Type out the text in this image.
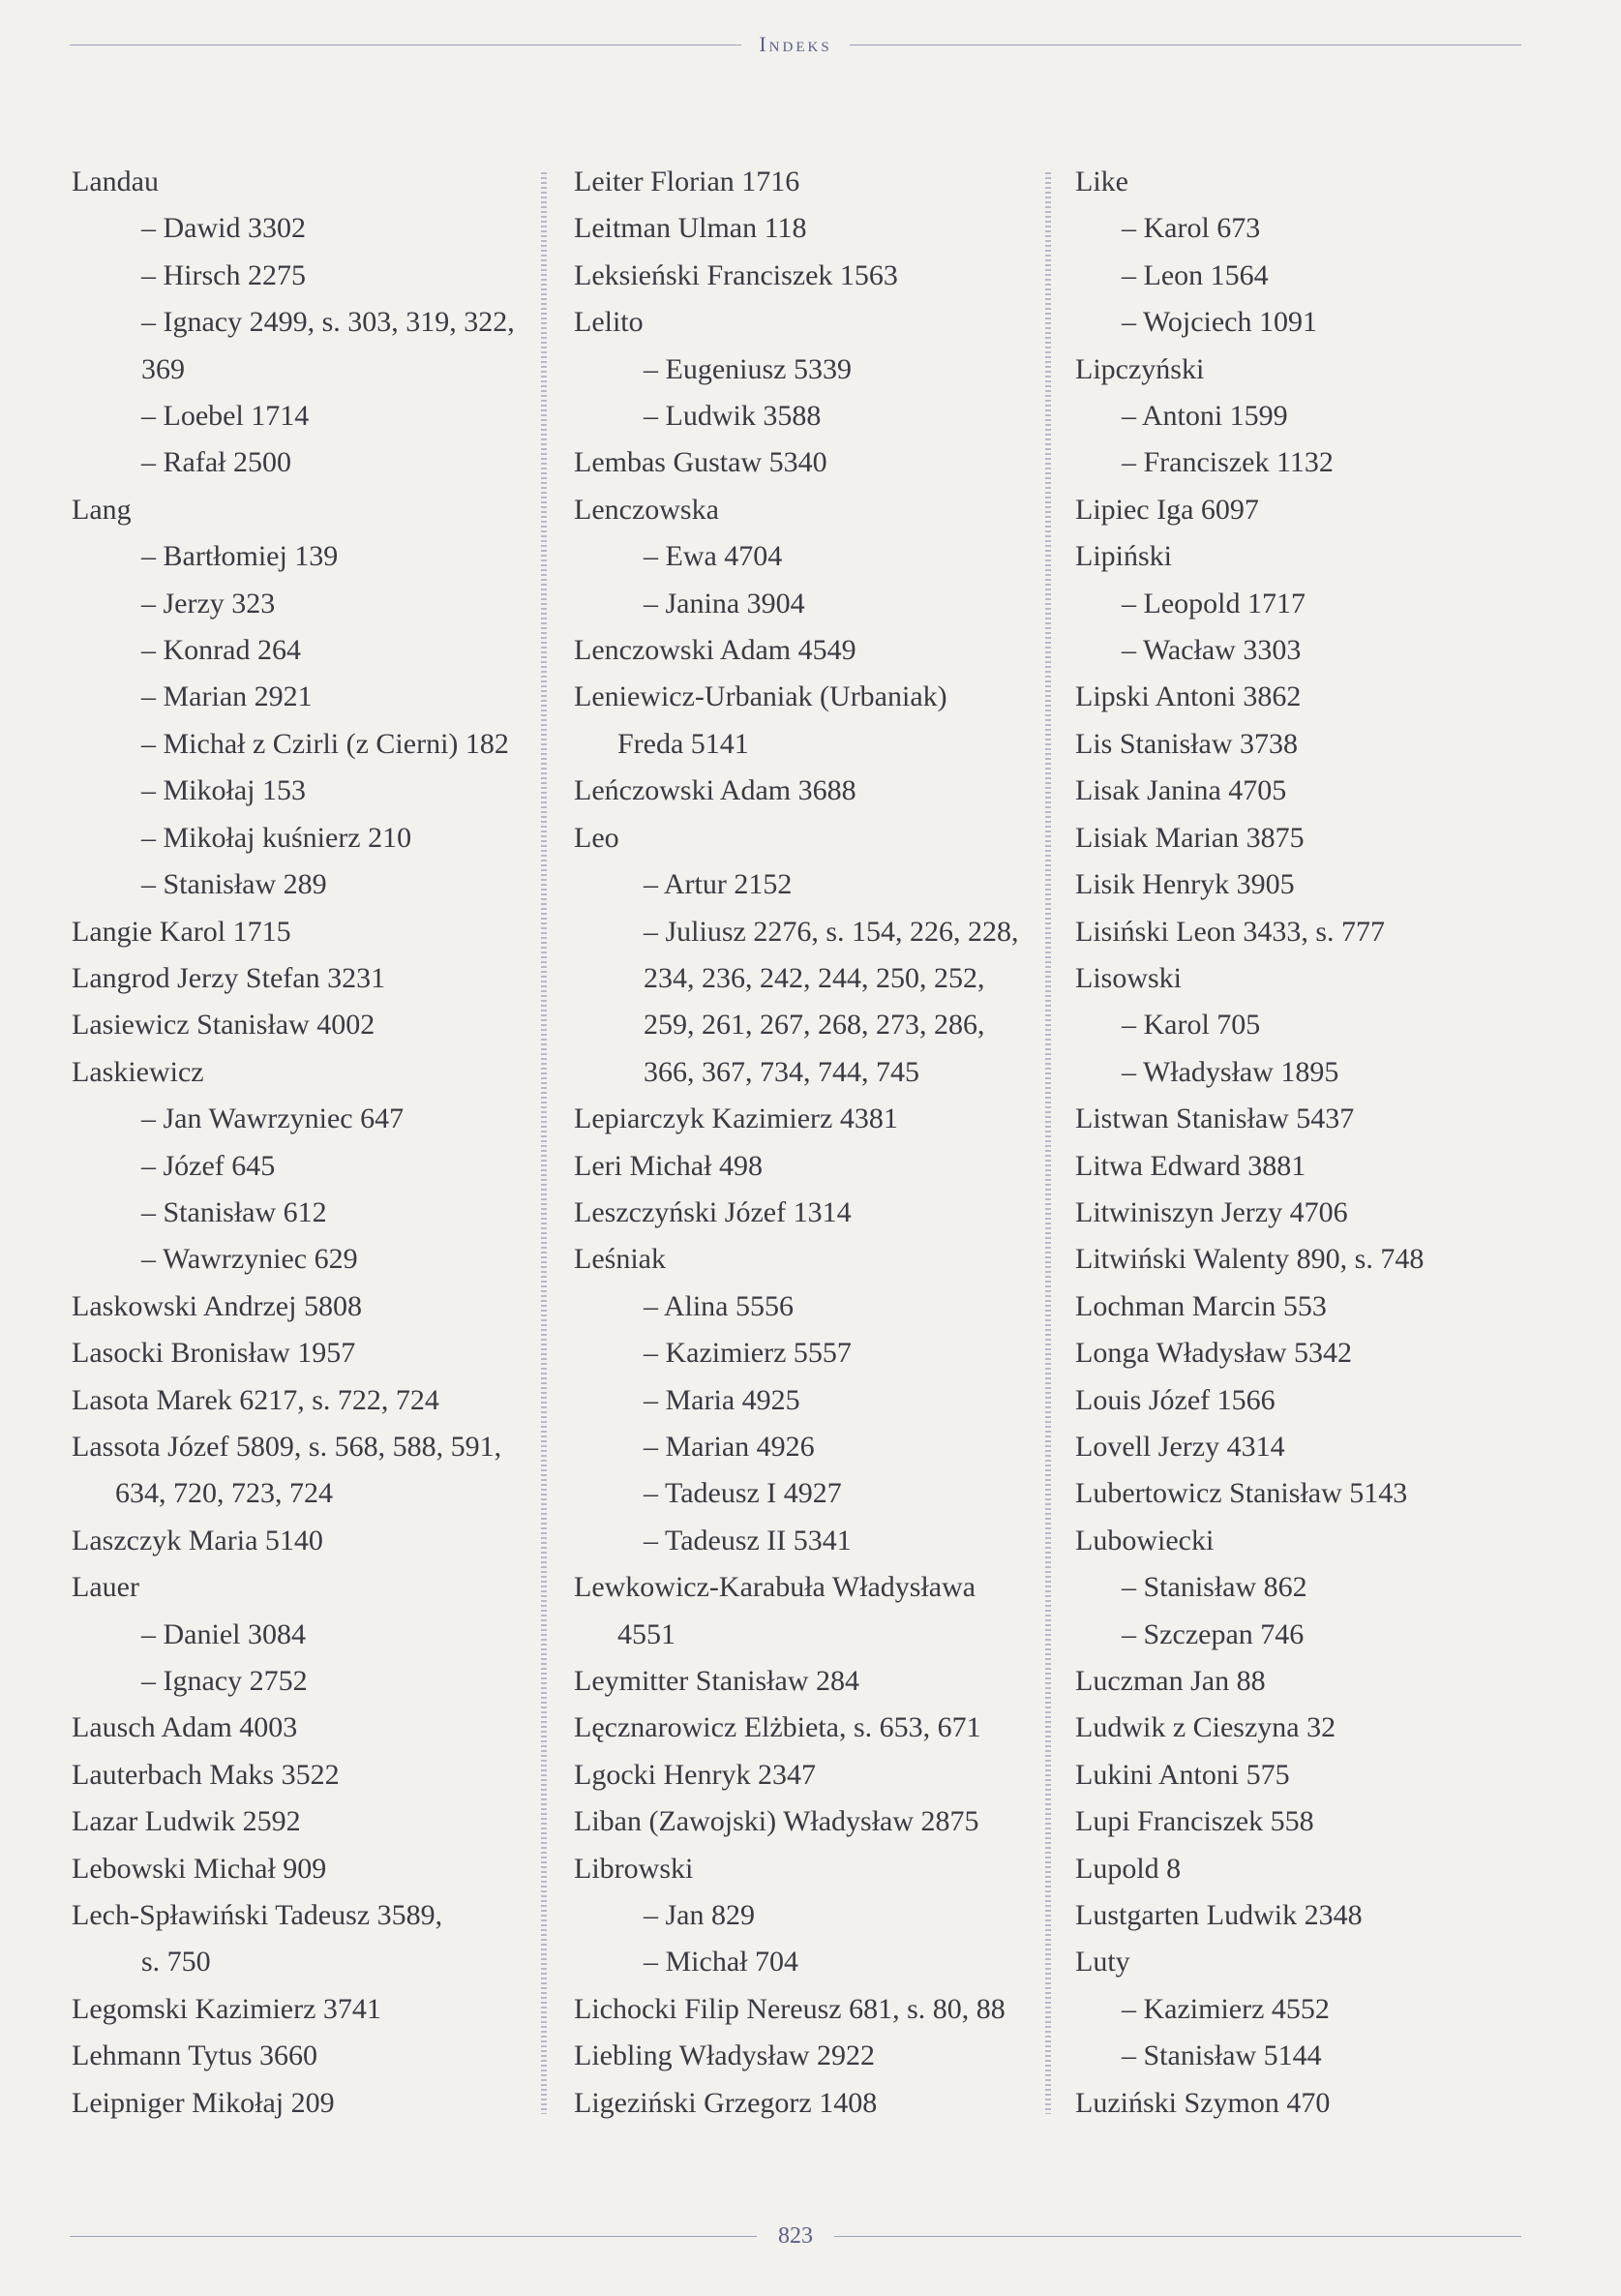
Indeks
Landau
– Dawid 3302
– Hirsch 2275
– Ignacy 2499, s. 303, 319, 322,
369
– Loebel 1714
– Rafał 2500
Lang
– Bartłomiej 139
– Jerzy 323
– Konrad 264
– Marian 2921
– Michał z Czirli (z Cierni) 182
– Mikołaj 153
– Mikołaj kuśnierz 210
– Stanisław 289
Langie Karol 1715
Langrod Jerzy Stefan 3231
Lasiewicz Stanisław 4002
Laskiewicz
– Jan Wawrzyniec 647
– Józef 645
– Stanisław 612
– Wawrzyniec 629
Laskowski Andrzej 5808
Lasocki Bronisław 1957
Lasota Marek 6217, s. 722, 724
Lassota Józef 5809, s. 568, 588, 591,
634, 720, 723, 724
Laszczyk Maria 5140
Lauer
– Daniel 3084
– Ignacy 2752
Lausch Adam 4003
Lauterbach Maks 3522
Lazar Ludwik 2592
Lebowski Michał 909
Lech-Spławiński Tadeusz 3589,
s. 750
Legomski Kazimierz 3741
Lehmann Tytus 3660
Leipniger Mikołaj 209
Leiter Florian 1716
Leitman Ulman 118
Leksieński Franciszek 1563
Lelito
– Eugeniusz 5339
– Ludwik 3588
Lembas Gustaw 5340
Lenczowska
– Ewa 4704
– Janina 3904
Lenczowski Adam 4549
Leniewicz-Urbaniak (Urbaniak)
Freda 5141
Leńczowski Adam 3688
Leo
– Artur 2152
– Juliusz 2276, s. 154, 226, 228,
234, 236, 242, 244, 250, 252,
259, 261, 267, 268, 273, 286,
366, 367, 734, 744, 745
Lepiarczyk Kazimierz 4381
Leri Michał 498
Leszczyński Józef 1314
Leśniak
– Alina 5556
– Kazimierz 5557
– Maria 4925
– Marian 4926
– Tadeusz I 4927
– Tadeusz II 5341
Lewkowicz-Karabuła Władysława
4551
Leymitter Stanisław 284
Lęcznarowicz Elżbieta, s. 653, 671
Lgocki Henryk 2347
Liban (Zawojski) Władysław 2875
Librowski
– Jan 829
– Michał 704
Lichocki Filip Nereusz 681, s. 80, 88
Liebling Władysław 2922
Ligeziński Grzegorz 1408
Like
– Karol 673
– Leon 1564
– Wojciech 1091
Lipczyński
– Antoni 1599
– Franciszek 1132
Lipiec Iga 6097
Lipiński
– Leopold 1717
– Wacław 3303
Lipski Antoni 3862
Lis Stanisław 3738
Lisak Janina 4705
Lisiak Marian 3875
Lisik Henryk 3905
Lisiński Leon 3433, s. 777
Lisowski
– Karol 705
– Władysław 1895
Listwan Stanisław 5437
Litwa Edward 3881
Litwiniszyn Jerzy 4706
Litwiński Walenty 890, s. 748
Lochman Marcin 553
Longa Władysław 5342
Louis Józef 1566
Lovell Jerzy 4314
Lubertowicz Stanisław 5143
Lubowiecki
– Stanisław 862
– Szczepan 746
Luczman Jan 88
Ludwik z Cieszyna 32
Lukini Antoni 575
Lupi Franciszek 558
Lupold 8
Lustgarten Ludwik 2348
Luty
– Kazimierz 4552
– Stanisław 5144
Luziński Szymon 470
823
